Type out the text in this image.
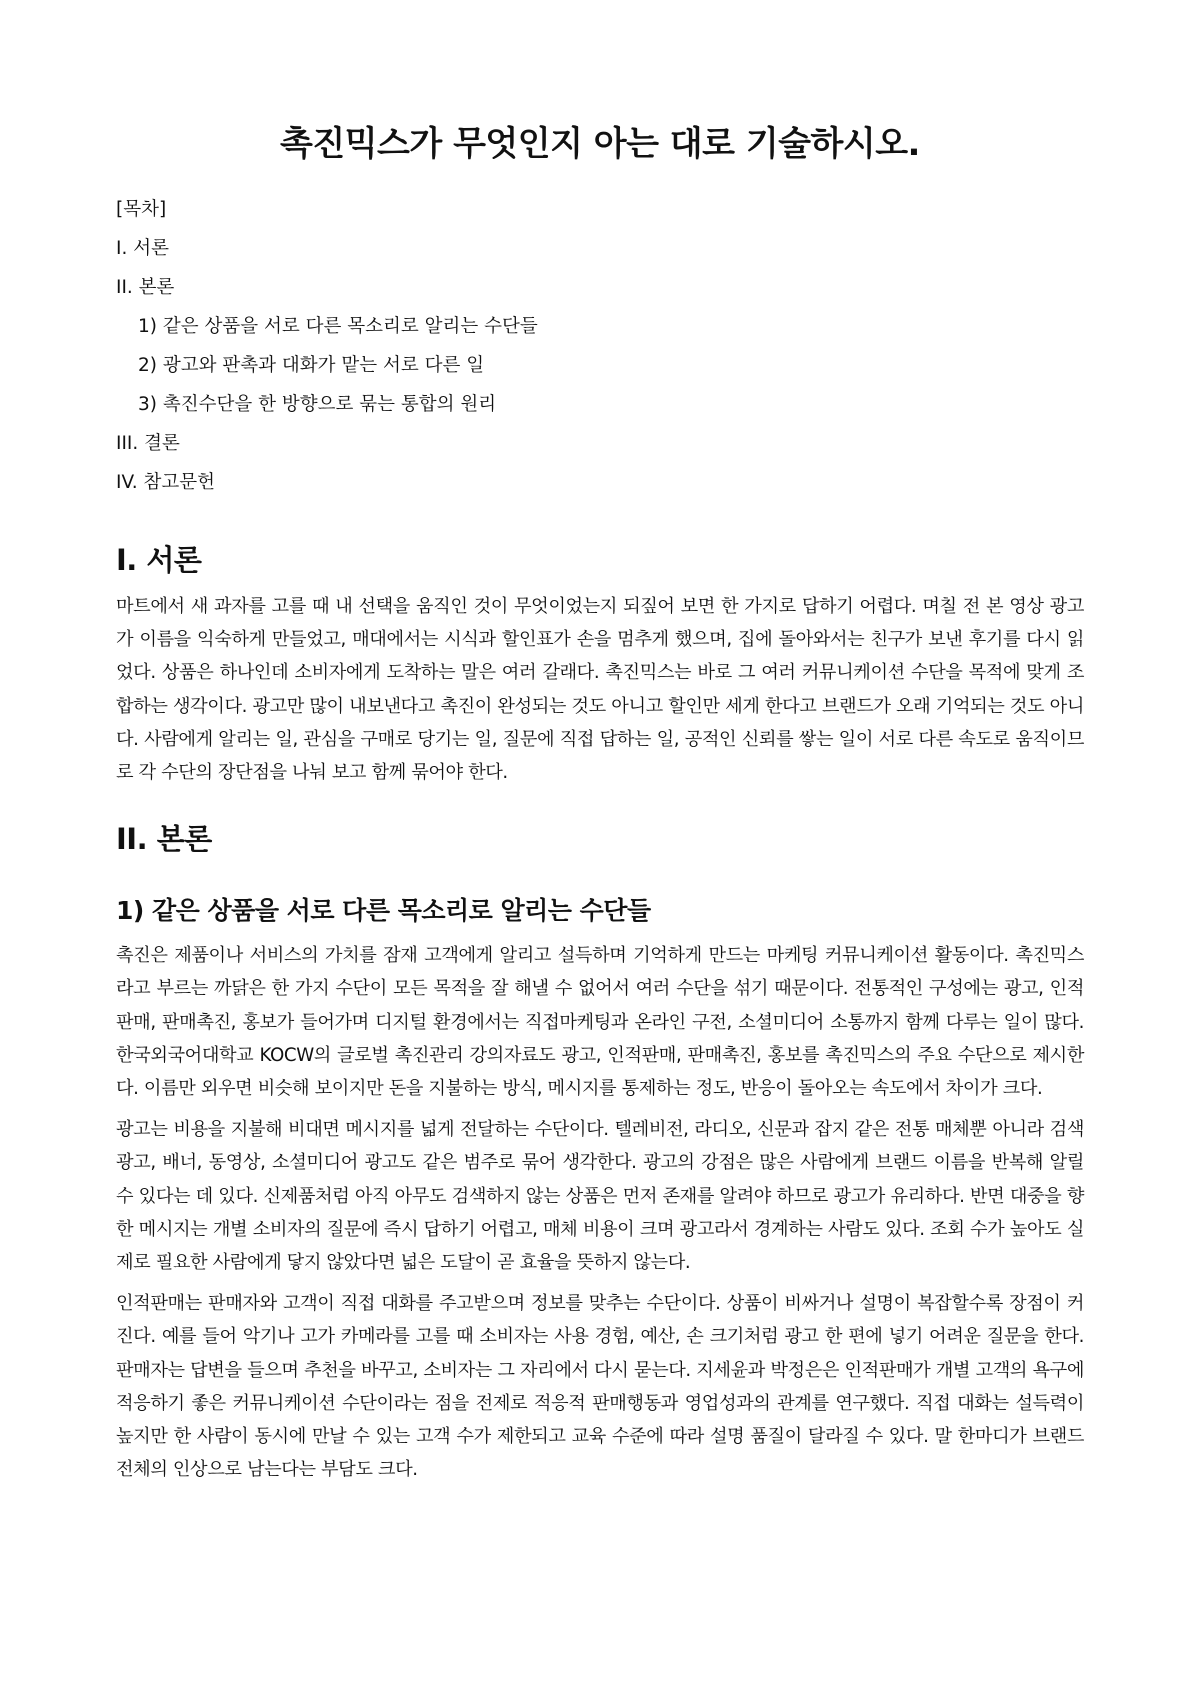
촉진믹스가 무엇인지 아는 대로 기술하시오.
[목차]
I. 서론
II. 본론
1) 같은 상품을 서로 다른 목소리로 알리는 수단들
2) 광고와 판촉과 대화가 맡는 서로 다른 일
3) 촉진수단을 한 방향으로 묶는 통합의 원리
III. 결론
IV. 참고문헌
I. 서론

마트에서 새 과자를 고를 때 내 선택을 움직인 것이 무엇이었는지 되짚어 보면 한 가지로 답하기 어렵다. 며칠 전 본 영상 광고가 이름을 익숙하게 만들었고, 매대에서는 시식과 할인표가 손을 멈추게 했으며, 집에 돌아와서는 친구가 보낸 후기를 다시 읽었다. 상품은 하나인데 소비자에게 도착하는 말은 여러 갈래다. 촉진믹스는 바로 그 여러 커뮤니케이션 수단을 목적에 맞게 조합하는 생각이다. 광고만 많이 내보낸다고 촉진이 완성되는 것도 아니고 할인만 세게 한다고 브랜드가 오래 기억되는 것도 아니다. 사람에게 알리는 일, 관심을 구매로 당기는 일, 질문에 직접 답하는 일, 공적인 신뢰를 쌓는 일이 서로 다른 속도로 움직이므로 각 수단의 장단점을 나눠 보고 함께 묶어야 한다.

II. 본론
1) 같은 상품을 서로 다른 목소리로 알리는 수단들

촉진은 제품이나 서비스의 가치를 잠재 고객에게 알리고 설득하며 기억하게 만드는 마케팅 커뮤니케이션 활동이다. 촉진믹스라고 부르는 까닭은 한 가지 수단이 모든 목적을 잘 해낼 수 없어서 여러 수단을 섞기 때문이다. 전통적인 구성에는 광고, 인적판매, 판매촉진, 홍보가 들어가며 디지털 환경에서는 직접마케팅과 온라인 구전, 소셜미디어 소통까지 함께 다루는 일이 많다. 한국외국어대학교 KOCW의 글로벌 촉진관리 강의자료도 광고, 인적판매, 판매촉진, 홍보를 촉진믹스의 주요 수단으로 제시한다. 이름만 외우면 비슷해 보이지만 돈을 지불하는 방식, 메시지를 통제하는 정도, 반응이 돌아오는 속도에서 차이가 크다.

광고는 비용을 지불해 비대면 메시지를 넓게 전달하는 수단이다. 텔레비전, 라디오, 신문과 잡지 같은 전통 매체뿐 아니라 검색광고, 배너, 동영상, 소셜미디어 광고도 같은 범주로 묶어 생각한다. 광고의 강점은 많은 사람에게 브랜드 이름을 반복해 알릴 수 있다는 데 있다. 신제품처럼 아직 아무도 검색하지 않는 상품은 먼저 존재를 알려야 하므로 광고가 유리하다. 반면 대중을 향한 메시지는 개별 소비자의 질문에 즉시 답하기 어렵고, 매체 비용이 크며 광고라서 경계하는 사람도 있다. 조회 수가 높아도 실제로 필요한 사람에게 닿지 않았다면 넓은 도달이 곧 효율을 뜻하지 않는다.

인적판매는 판매자와 고객이 직접 대화를 주고받으며 정보를 맞추는 수단이다. 상품이 비싸거나 설명이 복잡할수록 장점이 커진다. 예를 들어 악기나 고가 카메라를 고를 때 소비자는 사용 경험, 예산, 손 크기처럼 광고 한 편에 넣기 어려운 질문을 한다. 판매자는 답변을 들으며 추천을 바꾸고, 소비자는 그 자리에서 다시 묻는다. 지세윤과 박정은은 인적판매가 개별 고객의 욕구에 적응하기 좋은 커뮤니케이션 수단이라는 점을 전제로 적응적 판매행동과 영업성과의 관계를 연구했다. 직접 대화는 설득력이 높지만 한 사람이 동시에 만날 수 있는 고객 수가 제한되고 교육 수준에 따라 설명 품질이 달라질 수 있다. 말 한마디가 브랜드 전체의 인상으로 남는다는 부담도 크다.
